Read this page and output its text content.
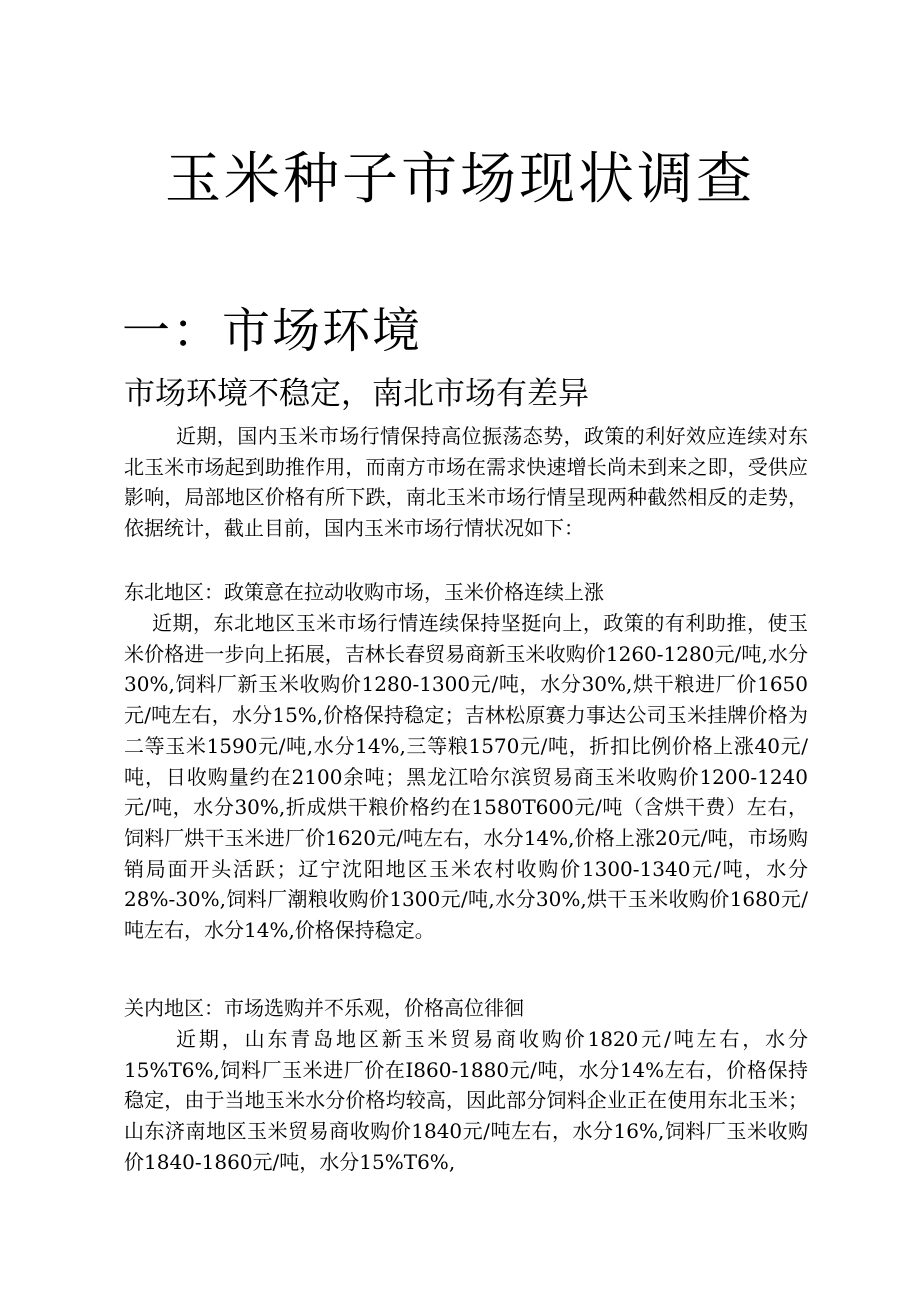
玉米种子市场现状调查
一：市场环境
市场环境不稳定，南北市场有差异
近期，国内玉米市场行情保持高位振荡态势，政策的利好效应连续对东北玉米市场起到助推作用，而南方市场在需求快速增长尚未到来之即，受供应影响，局部地区价格有所下跌，南北玉米市场行情呈现两种截然相反的走势，依据统计，截止目前，国内玉米市场行情状况如下：
东北地区：政策意在拉动收购市场，玉米价格连续上涨
近期，东北地区玉米市场行情连续保持坚挺向上，政策的有利助推，使玉米价格进一步向上拓展，吉林长春贸易商新玉米收购价1260-1280元/吨,水分30%,饲料厂新玉米收购价1280-1300元/吨，水分30%,烘干粮进厂价1650元/吨左右，水分15%,价格保持稳定；吉林松原赛力事达公司玉米挂牌价格为二等玉米1590元/吨,水分14%,三等粮1570元/吨，折扣比例价格上涨40元/吨，日收购量约在2100余吨；黑龙江哈尔滨贸易商玉米收购价1200-1240元/吨，水分30%,折成烘干粮价格约在1580T600元/吨（含烘干费）左右，饲料厂烘干玉米进厂价1620元/吨左右，水分14%,价格上涨20元/吨，市场购销局面开头活跃；辽宁沈阳地区玉米农村收购价1300-1340元/吨，水分28%-30%,饲料厂潮粮收购价1300元/吨,水分30%,烘干玉米收购价1680元/吨左右，水分14%,价格保持稳定。
关内地区：市场选购并不乐观，价格高位徘徊
近期，山东青岛地区新玉米贸易商收购价1820元/吨左右，水分15%T6%,饲料厂玉米进厂价在I860-1880元/吨，水分14%左右，价格保持稳定，由于当地玉米水分价格均较高，因此部分饲料企业正在使用东北玉米；山东济南地区玉米贸易商收购价1840元/吨左右，水分16%,饲料厂玉米收购价1840-1860元/吨，水分15%T6%,
